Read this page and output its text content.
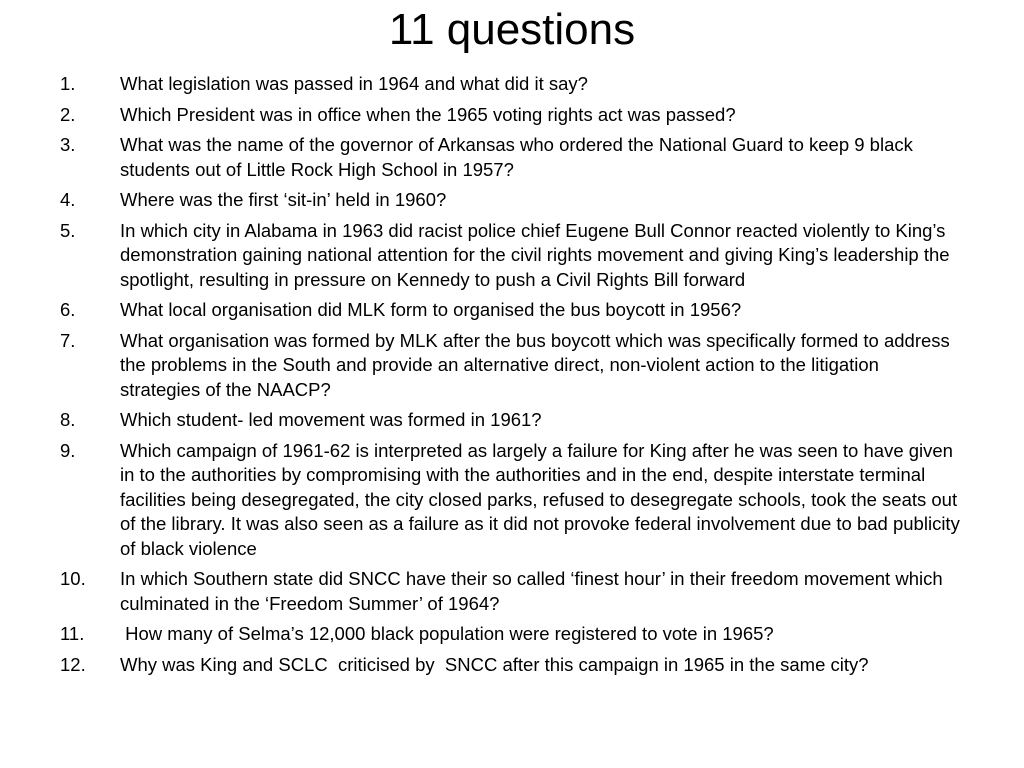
11 questions
1.	What legislation was passed in 1964 and what did it say?
2.	Which President was in office when the 1965 voting rights act was passed?
3.	What was the name of the governor of Arkansas who ordered the National Guard to keep 9 black students out of Little Rock High School in 1957?
4.	Where was the first ‘sit-in’ held in 1960?
5.	In which city in Alabama in 1963 did racist police chief Eugene Bull Connor reacted violently to King’s demonstration gaining national attention for the civil rights movement and giving King’s leadership the spotlight, resulting in pressure on Kennedy to push a Civil Rights Bill forward
6.	What local organisation did MLK form to organised the bus boycott in 1956?
7.	What organisation was formed by MLK after the bus boycott which was specifically formed to address the problems in the South and provide an alternative direct, non-violent action to the litigation strategies of the NAACP?
8.	Which student- led movement was formed in 1961?
9.	Which campaign of 1961-62 is interpreted as largely a failure for King after he was seen to have given in to the authorities by compromising with the authorities and in the end, despite interstate terminal facilities being desegregated, the city closed parks, refused to desegregate schools, took the seats out of the library. It was also seen as a failure as it did not provoke federal involvement due to bad publicity of black violence
10.	In which Southern state did SNCC have their so called ‘finest hour’ in their freedom movement which culminated in the ‘Freedom Summer’ of 1964?
11.	How many of Selma’s 12,000 black population were registered to vote in 1965?
12.	Why was King and SCLC  criticised by  SNCC after this campaign in 1965 in the same city?
